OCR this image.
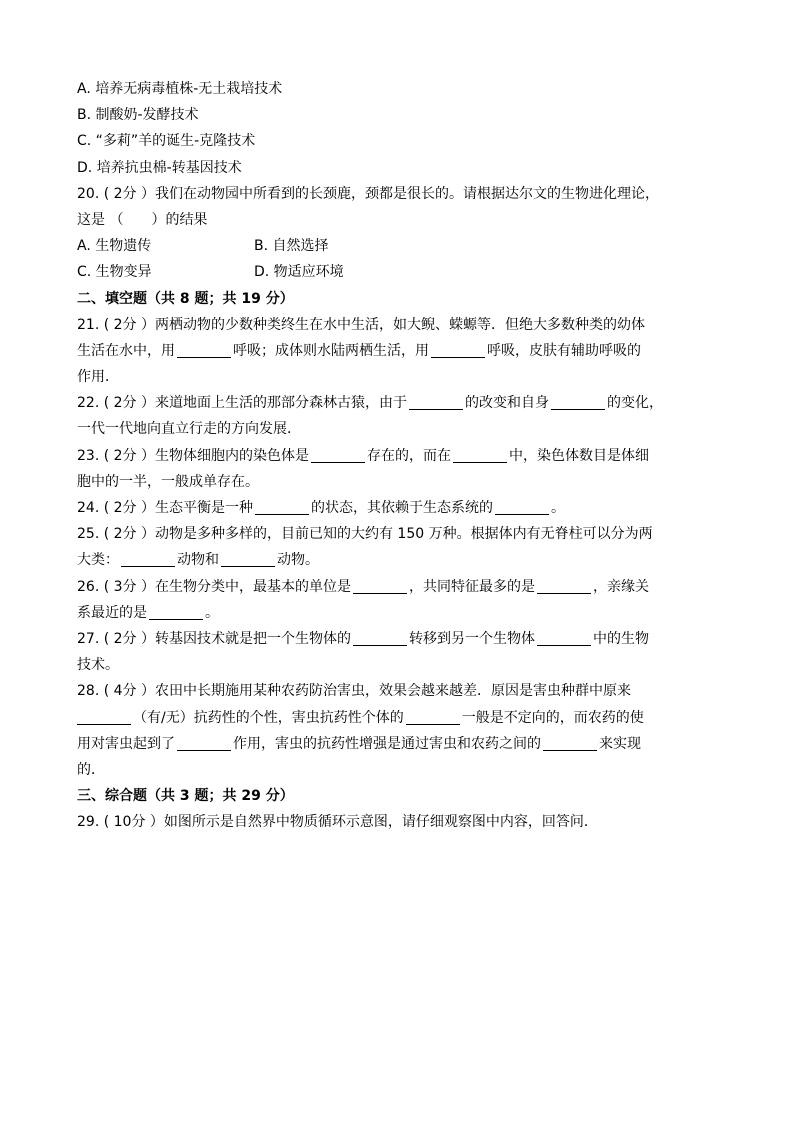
A. 培养无病毒植株-无土栽培技术
B. 制酸奶-发酵技术
C. “多莉”羊的诞生-克隆技术
D. 培养抗虫棉-转基因技术
20. ( 2分 ）我们在动物园中所看到的长颈鹿，颈都是很长的。请根据达尔文的生物进化理论，
这是 （　　）的结果
A. 生物遗传	B. 自然选择
C. 生物变异	D. 物适应环境
二、填空题（共 8 题；共 19 分）
21. ( 2分 ）两栖动物的少数种类终生在水中生活，如大鲵、蝾螈等．但绝大多数种类的幼体
生活在水中，用	呼吸；成体则水陆两栖生活，用	呼吸，皮肤有辅助呼吸的
作用．
22. ( 2分 ）来道地面上生活的那部分森林古猿，由于	的改变和自身	的变化，
一代一代地向直立行走的方向发展．
23. ( 2分 ）生物体细胞内的染色体是	存在的，而在	中，染色体数目是体细
胞中的一半，一般成单存在。
24. ( 2分 ）生态平衡是一种	的状态，其依赖于生态系统的	。
25. ( 2分 ）动物是多种多样的，目前已知的大约有 150 万种。根据体内有无脊柱可以分为两
大类：	动物和	动物。
26. ( 3分 ）在生物分类中，最基本的单位是	，共同特征最多的是	，亲缘关
系最近的是	。
27. ( 2分 ）转基因技术就是把一个生物体的	转移到另一个生物体	中的生物
技术。
28. ( 4分 ）农田中长期施用某种农药防治害虫，效果会越来越差．原因是害虫种群中原来
（有/无）抗药性的个性，害虫抗药性个体的	一般是不定向的，而农药的使
用对害虫起到了	作用，害虫的抗药性增强是通过害虫和农药之间的	来实现
的．
三、综合题（共 3 题；共 29 分）
29. ( 10分 ）如图所示是自然界中物质循环示意图，请仔细观察图中内容，回答问．
